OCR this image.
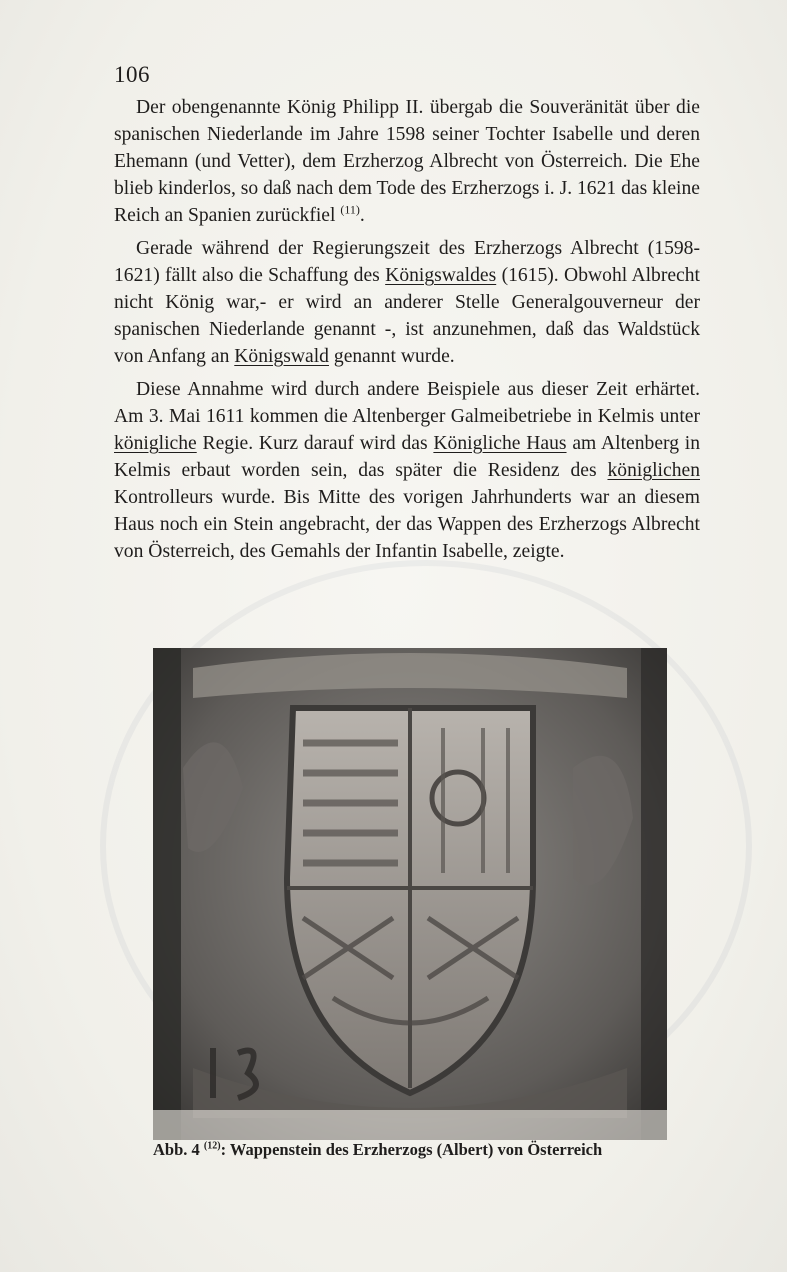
106

Der obengenannte König Philipp II. übergab die Souveränität über die spanischen Niederlande im Jahre 1598 seiner Tochter Isabelle und deren Ehemann (und Vetter), dem Erzherzog Albrecht von Österreich. Die Ehe blieb kinderlos, so daß nach dem Tode des Erzherzogs i. J. 1621 das kleine Reich an Spanien zurückfiel $^{(11)}$.

Gerade während der Regierungszeit des Erzherzogs Albrecht (1598-1621) fällt also die Schaffung des Königswaldes (1615). Obwohl Albrecht nicht König war,- er wird an anderer Stelle Generalgouverneur der spanischen Niederlande genannt -, ist anzunehmen, daß das Waldstück von Anfang an Königswald genannt wurde.

Diese Annahme wird durch andere Beispiele aus dieser Zeit erhärtet. Am 3. Mai 1611 kommen die Altenberger Galmeibetriebe in Kelmis unter königliche Regie. Kurz darauf wird das Königliche Haus am Altenberg in Kelmis erbaut worden sein, das später die Residenz des königlichen Kontrolleurs wurde. Bis Mitte des vorigen Jahrhunderts war an diesem Haus noch ein Stein angebracht, der das Wappen des Erzherzogs Albrecht von Österreich, des Gemahls der Infantin Isabelle, zeigte.

Abb. 4 $^{(12)}$: Wappenstein des Erzherzogs (Albert) von Österreich
